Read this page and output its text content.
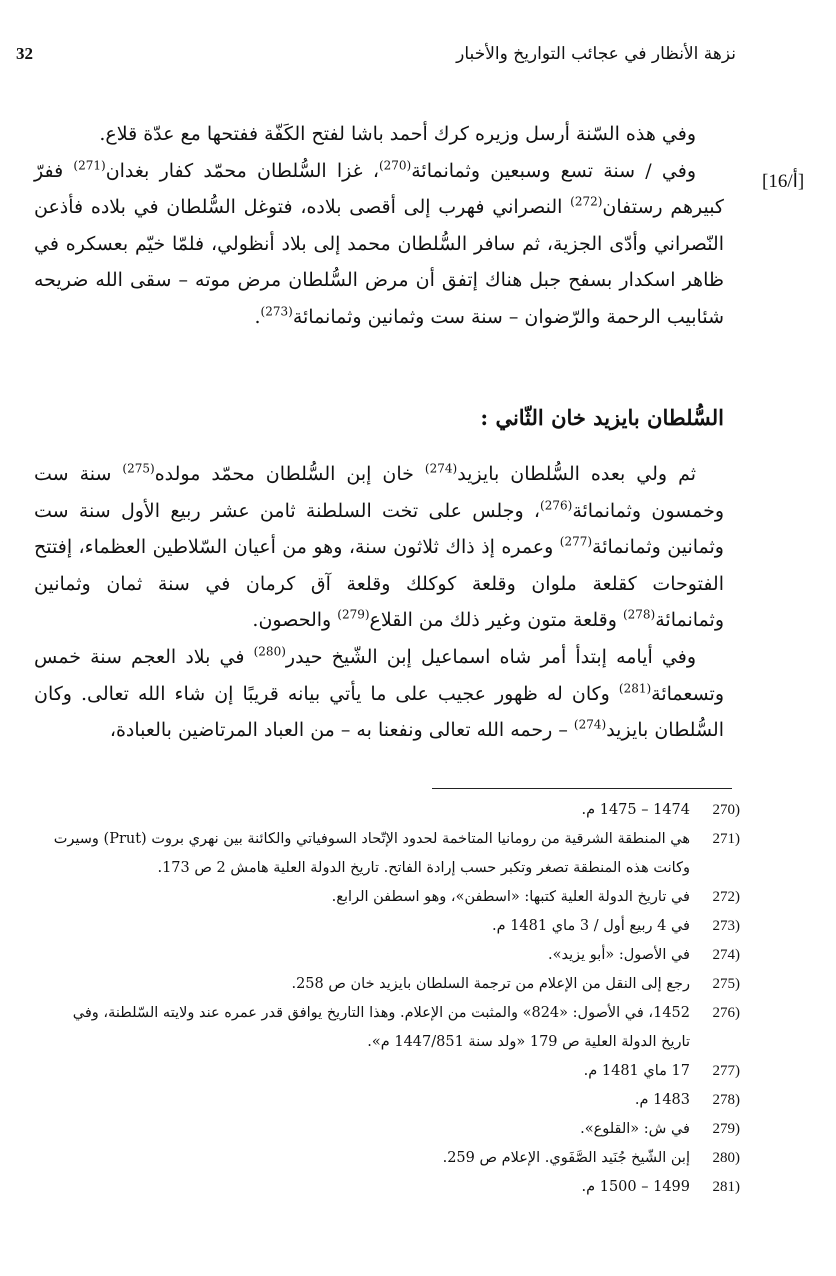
32	نزهة الأنظار في عجائب التواريخ والأخبار
[16/أ]

وفي هذه السّنة أرسل وزيره كرك أحمد باشا لفتح الكَفّة ففتحها مع عدّة قلاع.

وفي / سنة تسع وسبعين وثمانمائة$^{(270)}$، غزا السُّلطان محمّد كفار بغدان$^{(271)}$ ففرّ كبيرهم رستفان$^{(272)}$ النصراني فهرب إلى أقصى بلاده، فتوغل السُّلطان في بلاده فأذعن النّصراني وأدّى الجزية، ثم سافر السُّلطان محمد إلى بلاد أنظولي، فلمّا خيّم بعسكره في ظاهر اسكدار بسفح جبل هناك إتفق أن مرض السُّلطان مرض موته – سقى الله ضريحه شئابيب الرحمة والرّضوان – سنة ست وثمانين وثمانمائة$^{(273)}$.

السُّلطان بايزيد خان الثّاني :

ثم ولي بعده السُّلطان بايزيد$^{(274)}$ خان إبن السُّلطان محمّد مولده$^{(275)}$ سنة ست وخمسون وثمانمائة$^{(276)}$، وجلس على تخت السلطنة ثامن عشر ربيع الأول سنة ست وثمانين وثمانمائة$^{(277)}$ وعمره إذ ذاك ثلاثون سنة، وهو من أعيان السّلاطين العظماء، إفتتح الفتوحات كقلعة ملوان وقلعة كوكلك وقلعة آق كرمان في سنة ثمان وثمانين وثمانمائة$^{(278)}$ وقلعة متون وغير ذلك من القلاع$^{(279)}$ والحصون.

وفي أيامه إبتدأ أمر شاه اسماعيل إبن الشّيخ حيدر$^{(280)}$ في بلاد العجم سنة خمس وتسعمائة$^{(281)}$ وكان له ظهور عجيب على ما يأتي بيانه قريبًا إن شاء الله تعالى. وكان السُّلطان بايزيد$^{(274)}$ – رحمه الله تعالى ونفعنا به – من العباد المرتاضين بالعبادة،

(270
1474 – 1475 م.
(271
هي المنطقة الشرقية من رومانيا المتاخمة لحدود الإتّحاد السوفياتي والكائنة بين نهري بروت (Prut) وسيرت وكانت هذه المنطقة تصغر وتكبر حسب إرادة الفاتح. تاريخ الدولة العلية هامش 2 ص 173.
(272
في تاريخ الدولة العلية كتبها: «اسطفن»، وهو اسطفن الرابع.
(273
في 4 ربيع أول / 3 ماي 1481 م.
(274
في الأصول: «أبو يزيد».
(275
رجع إلى النقل من الإعلام من ترجمة السلطان بايزيد خان ص 258.
(276
1452، في الأصول: «824» والمثبت من الإعلام. وهذا التاريخ يوافق قدر عمره عند ولايته السّلطنة، وفي تاريخ الدولة العلية ص 179 «ولد سنة 1447/851 م».
(277
17 ماي 1481 م.
(278
1483 م.
(279
في ش: «القلوع».
(280
إبن الشّيخ جُنَيد الصَّفَوي. الإعلام ص 259.
(281
1499 – 1500 م.
